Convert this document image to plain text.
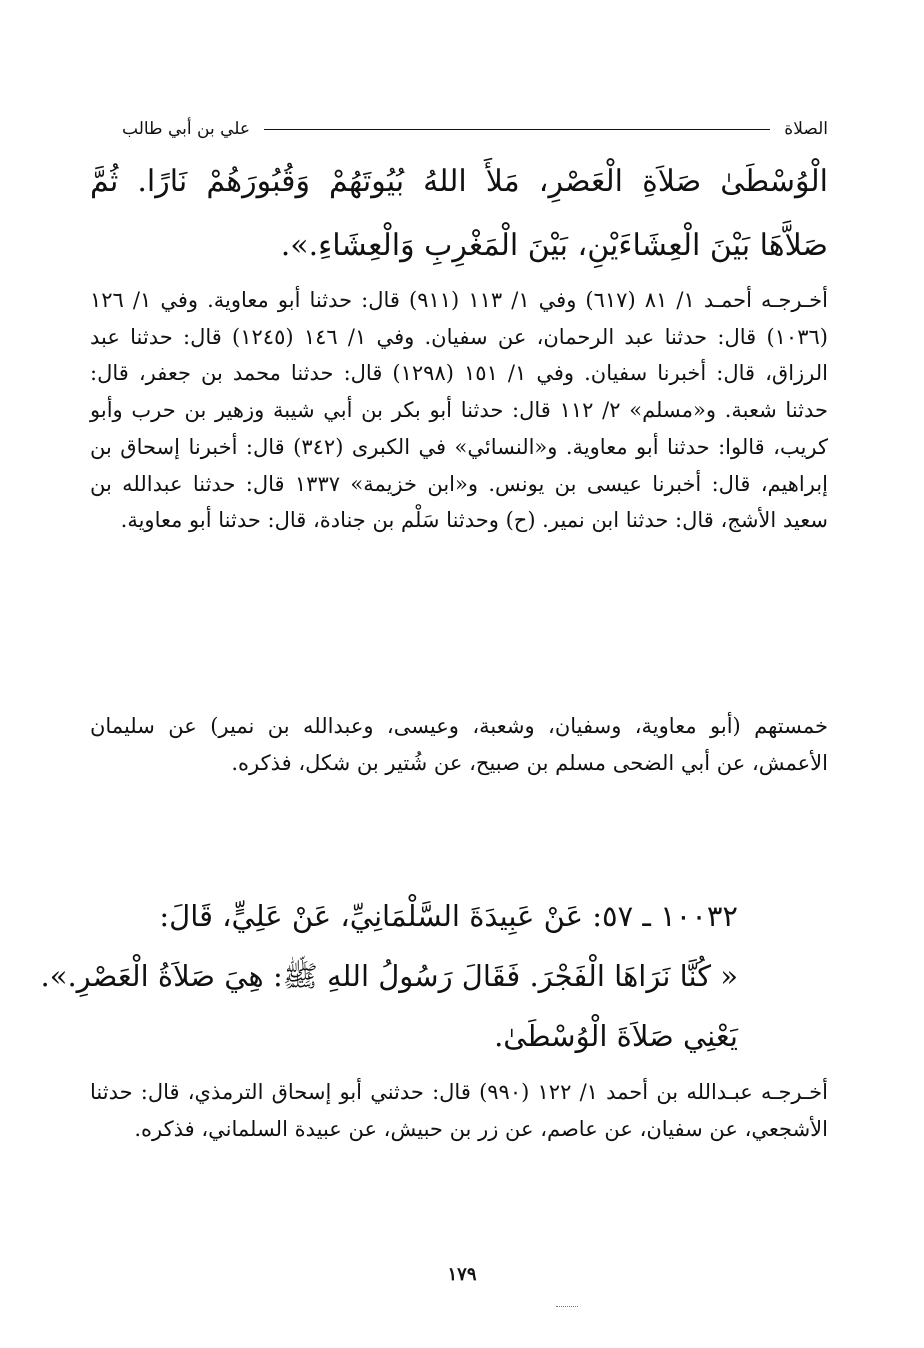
الصلاة
علي بن أبي طالب
الْوُسْطَىٰ صَلاَةِ الْعَصْرِ، مَلأَ اللهُ بُيُوتَهُمْ وَقُبُورَهُمْ نَارًا. ثُمَّ صَلاَّهَا بَيْنَ الْعِشَاءَيْنِ، بَيْنَ الْمَغْرِبِ وَالْعِشَاءِ.».
أخـرجـه أحمـد ١/ ٨١ (٦١٧) وفي ١/ ١١٣ (٩١١) قال: حدثنا أبو معاوية. وفي ١/ ١٢٦ (١٠٣٦) قال: حدثنا عبد الرحمان، عن سفيان. وفي ١/ ١٤٦ (١٢٤٥) قال: حدثنا عبد الرزاق، قال: أخبرنا سفيان. وفي ١/ ١٥١ (١٢٩٨) قال: حدثنا محمد بن جعفر، قال: حدثنا شعبة. و«مسلم» ٢/ ١١٢ قال: حدثنا أبو بكر بن أبي شيبة وزهير بن حرب وأبو كريب، قالوا: حدثنا أبو معاوية. و«النسائي» في الكبرى (٣٤٢) قال: أخبرنا إسحاق بن إبراهيم، قال: أخبرنا عيسى بن يونس. و«ابن خزيمة» ١٣٣٧ قال: حدثنا عبدالله بن سعيد الأشج، قال: حدثنا ابن نمير. (ح) وحدثنا سَلْم بن جنادة، قال: حدثنا أبو معاوية.
خمستهم (أبو معاوية، وسفيان، وشعبة، وعيسى، وعبدالله بن نمير) عن سليمان الأعمش، عن أبي الضحى مسلم بن صبيح، عن شُتير بن شكل، فذكره.
١٠٠٣٢ ـ ٥٧: عَنْ عَبِيدَةَ السَّلْمَانِيِّ، عَنْ عَلِيٍّ، قَالَ:
« كُنَّا نَرَاهَا الْفَجْرَ. فَقَالَ رَسُولُ اللهِ ﷺ: هِيَ صَلاَةُ الْعَصْرِ.».
يَعْنِي صَلاَةَ الْوُسْطَىٰ.
أخـرجـه عبـدالله بن أحمد ١/ ١٢٢ (٩٩٠) قال: حدثني أبو إسحاق الترمذي، قال: حدثنا الأشجعي، عن سفيان، عن عاصم، عن زر بن حبيش، عن عبيدة السلماني، فذكره.
١٧٩
